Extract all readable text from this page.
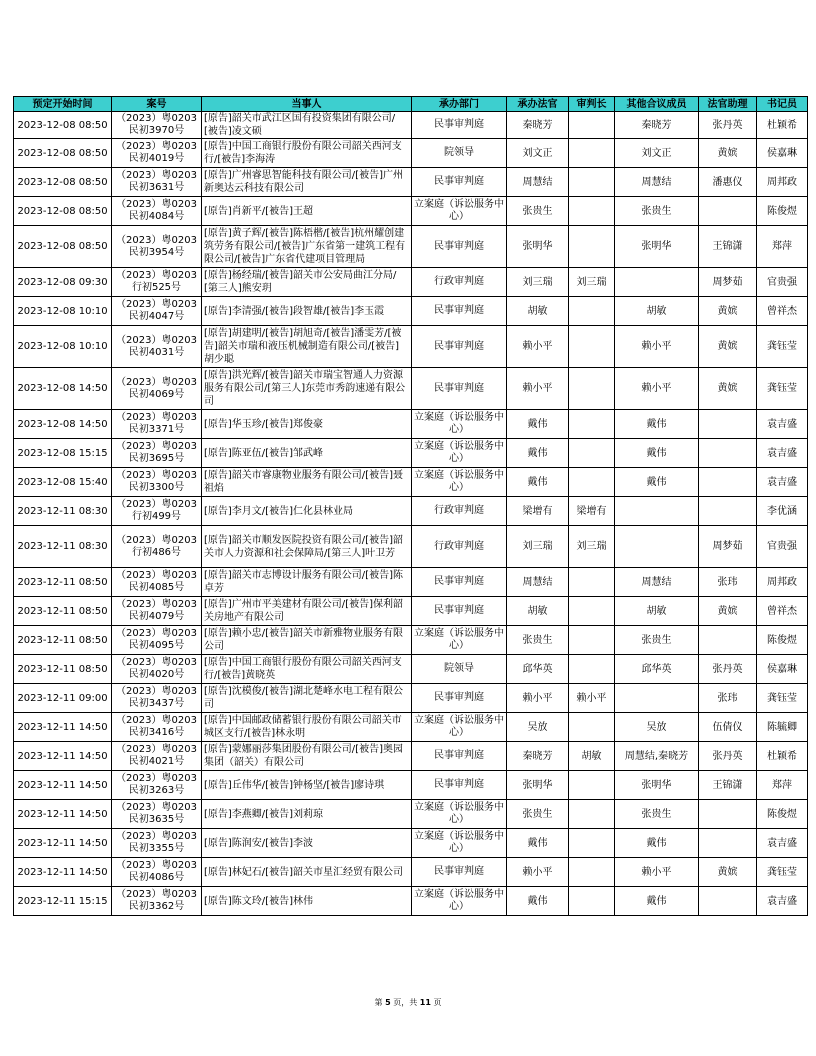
预定开始时间	案号	当事人	承办部门	承办法官	审判长	其他合议成员	法官助理	书记员
2023-12-08 08:50	（2023）粤0203民初3970号	[原告]韶关市武江区国有投资集团有限公司/[被告]凌文硕	民事审判庭	秦晓芳		秦晓芳	张丹英	杜颖希
2023-12-08 08:50	（2023）粤0203民初4019号	[原告]中国工商银行股份有限公司韶关西河支行/[被告]李海涛	院领导	刘文正		刘文正	黄嫔	侯嘉琳
2023-12-08 08:50	（2023）粤0203民初3631号	[原告]广州睿思智能科技有限公司/[被告]广州新奥达云科技有限公司	民事审判庭	周慧结		周慧结	潘惠仪	周邦政
2023-12-08 08:50	（2023）粤0203民初4084号	[原告]肖新平/[被告]王超	立案庭（诉讼服务中心）	张贵生		张贵生		陈俊煜
2023-12-08 08:50	（2023）粤0203民初3954号	[原告]黄子辉/[被告]陈梧楷/[被告]杭州耀创建筑劳务有限公司/[被告]广东省第一建筑工程有限公司/[被告]广东省代建项目管理局	民事审判庭	张明华		张明华	王锦潇	郑萍
2023-12-08 09:30	（2023）粤0203行初525号	[原告]杨经瑞/[被告]韶关市公安局曲江分局/[第三人]熊安玥	行政审判庭	刘三瑞	刘三瑞		周梦茹	官贵强
2023-12-08 10:10	（2023）粤0203民初4047号	[原告]李清强/[被告]段智雄/[被告]李玉霞	民事审判庭	胡敏		胡敏	黄嫔	曾祥杰
2023-12-08 10:10	（2023）粤0203民初4031号	[原告]胡建明/[被告]胡旭奇/[被告]潘雯芳/[被告]韶关市瑞和液压机械制造有限公司/[被告]胡少聪	民事审判庭	赖小平		赖小平	黄嫔	龚钰莹
2023-12-08 14:50	（2023）粤0203民初4069号	[原告]洪光辉/[被告]韶关市瑞宝智通人力资源服务有限公司/[第三人]东莞市秀韵速递有限公司	民事审判庭	赖小平		赖小平	黄嫔	龚钰莹
2023-12-08 14:50	（2023）粤0203民初3371号	[原告]华玉珍/[被告]郑俊豪	立案庭（诉讼服务中心）	戴伟		戴伟		袁吉盛
2023-12-08 15:15	（2023）粤0203民初3695号	[原告]陈亚伍/[被告]邹武峰	立案庭（诉讼服务中心）	戴伟		戴伟		袁吉盛
2023-12-08 15:40	（2023）粤0203民初3300号	[原告]韶关市睿康物业服务有限公司/[被告]聂祖焰	立案庭（诉讼服务中心）	戴伟		戴伟		袁吉盛
2023-12-11 08:30	（2023）粤0203行初499号	[原告]李月文/[被告]仁化县林业局	行政审判庭	梁增有	梁增有			李优涵
2023-12-11 08:30	（2023）粤0203行初486号	[原告]韶关市顺发医院投资有限公司/[被告]韶关市人力资源和社会保障局/[第三人]叶卫芳	行政审判庭	刘三瑞	刘三瑞		周梦茹	官贵强
2023-12-11 08:50	（2023）粤0203民初4085号	[原告]韶关市志博设计服务有限公司/[被告]陈卓芳	民事审判庭	周慧结		周慧结	张玮	周邦政
2023-12-11 08:50	（2023）粤0203民初4079号	[原告]广州市平美建材有限公司/[被告]保利韶关房地产有限公司	民事审判庭	胡敏		胡敏	黄嫔	曾祥杰
2023-12-11 08:50	（2023）粤0203民初4095号	[原告]赖小忠/[被告]韶关市新雅物业服务有限公司	立案庭（诉讼服务中心）	张贵生		张贵生		陈俊煜
2023-12-11 08:50	（2023）粤0203民初4020号	[原告]中国工商银行股份有限公司韶关西河支行/[被告]黄晓英	院领导	邱华英		邱华英	张丹英	侯嘉琳
2023-12-11 09:00	（2023）粤0203民初3437号	[原告]沈模俊/[被告]湖北楚峰水电工程有限公司	民事审判庭	赖小平	赖小平		张玮	龚钰莹
2023-12-11 14:50	（2023）粤0203民初3416号	[原告]中国邮政储蓄银行股份有限公司韶关市城区支行/[被告]林永明	立案庭（诉讼服务中心）	吴放		吴放	伍倩仪	陈毓卿
2023-12-11 14:50	（2023）粤0203民初4021号	[原告]蒙娜丽莎集团股份有限公司/[被告]奥园集团（韶关）有限公司	民事审判庭	秦晓芳	胡敏	周慧结,秦晓芳	张丹英	杜颖希
2023-12-11 14:50	（2023）粤0203民初3263号	[原告]丘伟华/[被告]钟杨坚/[被告]廖诗琪	民事审判庭	张明华		张明华	王锦潇	郑萍
2023-12-11 14:50	（2023）粤0203民初3635号	[原告]李燕卿/[被告]刘莉琼	立案庭（诉讼服务中心）	张贵生		张贵生		陈俊煜
2023-12-11 14:50	（2023）粤0203民初3355号	[原告]陈润安/[被告]李波	立案庭（诉讼服务中心）	戴伟		戴伟		袁吉盛
2023-12-11 14:50	（2023）粤0203民初4086号	[原告]林妃石/[被告]韶关市星汇经贸有限公司	民事审判庭	赖小平		赖小平	黄嫔	龚钰莹
2023-12-11 15:15	（2023）粤0203民初3362号	[原告]陈文玲/[被告]林伟	立案庭（诉讼服务中心）	戴伟		戴伟		袁吉盛
第 5 页，共 11 页
